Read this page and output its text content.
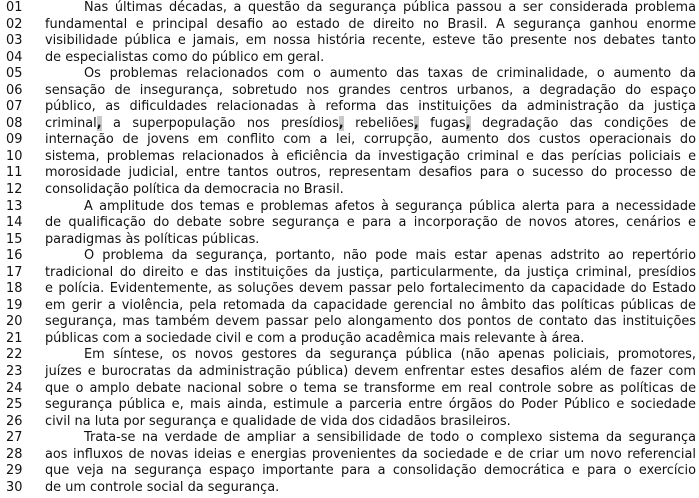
01	Nas últimas décadas, a questão da segurança pública passou a ser considerada problema
02	fundamental e principal desafio ao estado de direito no Brasil. A segurança ganhou enorme
03	visibilidade pública e jamais, em nossa história recente, esteve tão presente nos debates tanto
04	de especialistas como do público em geral.
05	Os problemas relacionados com o aumento das taxas de criminalidade, o aumento da
06	sensação de insegurança, sobretudo nos grandes centros urbanos, a degradação do espaço
07	público, as dificuldades relacionadas à reforma das instituições da administração da justiça
08	criminal, a superpopulação nos presídios, rebeliões, fugas, degradação das condições de
09	internação de jovens em conflito com a lei, corrupção, aumento dos custos operacionais do
10	sistema, problemas relacionados à eficiência da investigação criminal e das perícias policiais e
11	morosidade judicial, entre tantos outros, representam desafios para o sucesso do processo de
12	consolidação política da democracia no Brasil.
13	A amplitude dos temas e problemas afetos à segurança pública alerta para a necessidade
14	de qualificação do debate sobre segurança e para a incorporação de novos atores, cenários e
15	paradigmas às políticas públicas.
16	O problema da segurança, portanto, não pode mais estar apenas adstrito ao repertório
17	tradicional do direito e das instituições da justiça, particularmente, da justiça criminal, presídios
18	e polícia. Evidentemente, as soluções devem passar pelo fortalecimento da capacidade do Estado
19	em gerir a violência, pela retomada da capacidade gerencial no âmbito das políticas públicas de
20	segurança, mas também devem passar pelo alongamento dos pontos de contato das instituições
21	públicas com a sociedade civil e com a produção acadêmica mais relevante à área.
22	Em síntese, os novos gestores da segurança pública (não apenas policiais, promotores,
23	juízes e burocratas da administração pública) devem enfrentar estes desafios além de fazer com
24	que o amplo debate nacional sobre o tema se transforme em real controle sobre as políticas de
25	segurança pública e, mais ainda, estimule a parceria entre órgãos do Poder Público e sociedade
26	civil na luta por segurança e qualidade de vida dos cidadãos brasileiros.
27	Trata-se na verdade de ampliar a sensibilidade de todo o complexo sistema da segurança
28	aos influxos de novas ideias e energias provenientes da sociedade e de criar um novo referencial
29	que veja na segurança espaço importante para a consolidação democrática e para o exercício
30	de um controle social da segurança.
